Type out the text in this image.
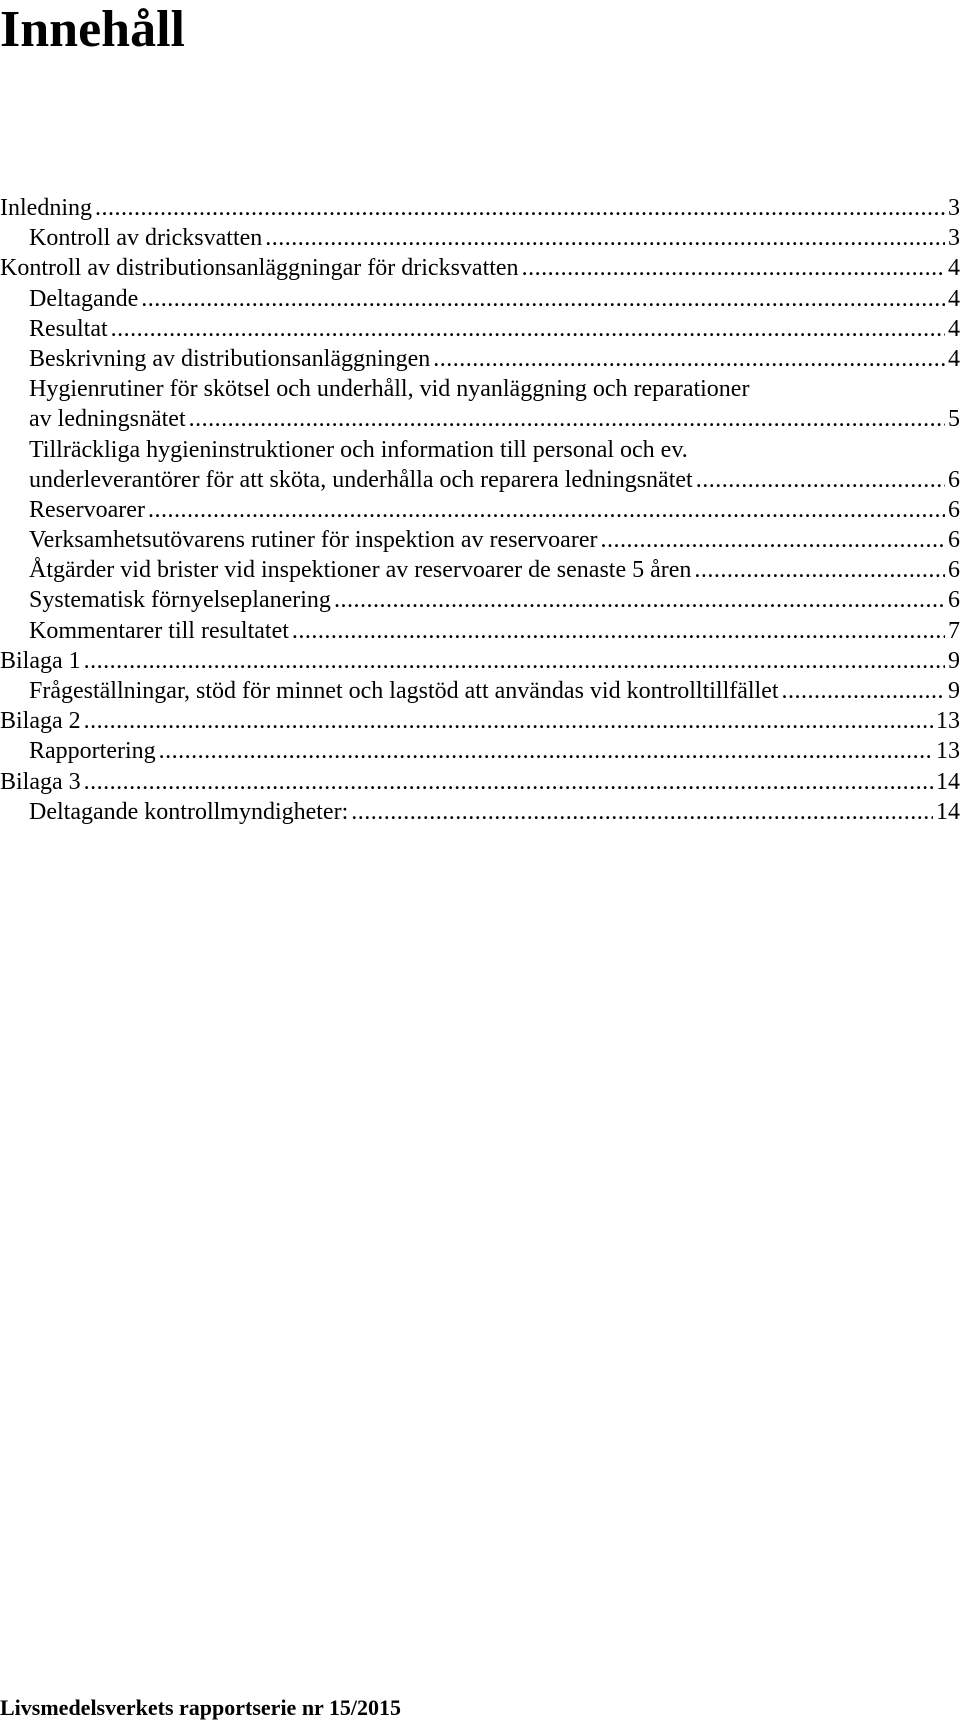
Innehåll
Inledning .....	3
Kontroll av dricksvatten .....	3
Kontroll av distributionsanläggningar för dricksvatten .....	4
Deltagande .....	4
Resultat .....	4
Beskrivning av distributionsanläggningen .....	4
Hygienrutiner för skötsel och underhåll, vid nyanläggning och reparationer
av ledningsnätet .....	5
Tillräckliga hygieninstruktioner och information till personal och ev.
underleverantörer för att sköta, underhålla och reparera ledningsnätet .....	6
Reservoarer .....	6
Verksamhetsutövarens rutiner för inspektion av reservoarer .....	6
Åtgärder vid brister vid inspektioner av reservoarer de senaste 5 åren .....	6
Systematisk förnyelseplanering .....	6
Kommentarer till resultatet .....	7
Bilaga 1 .....	9
Frågeställningar, stöd för minnet och lagstöd att användas vid kontrolltillfället .....	9
Bilaga 2 .....	13
Rapportering .....	13
Bilaga 3 .....	14
Deltagande kontrollmyndigheter: .....	14
Livsmedelsverkets rapportserie nr 15/2015
